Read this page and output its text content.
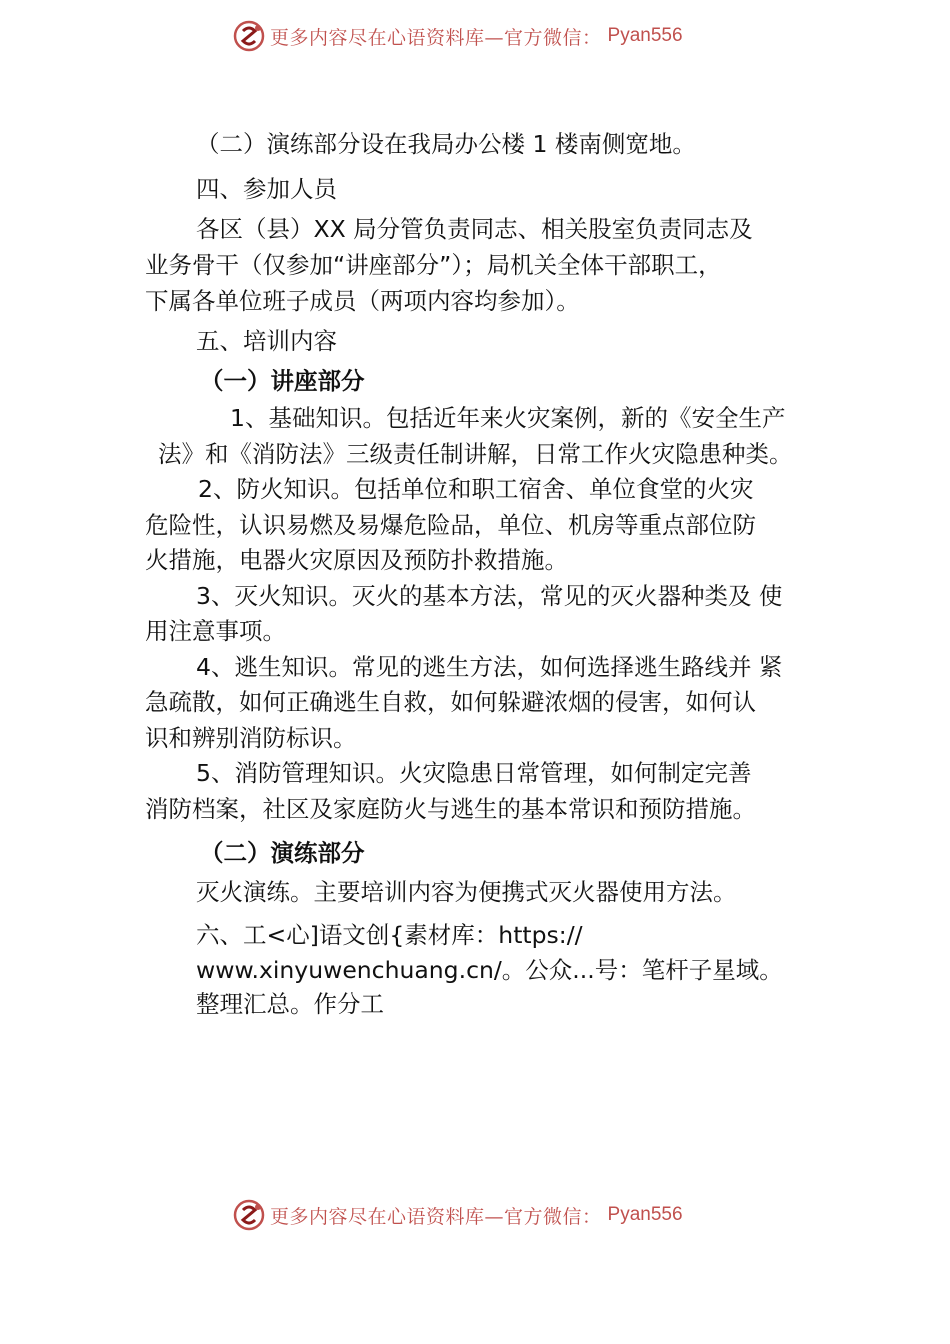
更多内容尽在心语资料库—官方微信： Pyan556
（二）演练部分设在我局办公楼 1 楼南侧宽地。
四、参加人员
各区（县）XX 局分管负责同志、相关股室负责同志及
业务骨干（仅参加“讲座部分”）；局机关全体干部职工，
下属各单位班子成员（两项内容均参加）。
五、培训内容
（一）讲座部分
1、基础知识。包括近年来火灾案例，新的《安全生产
法》和《消防法》三级责任制讲解，日常工作火灾隐患种类。
2、防火知识。包括单位和职工宿舍、单位食堂的火灾
危险性，认识易燃及易爆危险品，单位、机房等重点部位防
火措施，电器火灾原因及预防扑救措施。
3、灭火知识。灭火的基本方法，常见的灭火器种类及 使
用注意事项。
4、逃生知识。常见的逃生方法，如何选择逃生路线并 紧
急疏散，如何正确逃生自救，如何躲避浓烟的侵害，如何认
识和辨别消防标识。
5、消防管理知识。火灾隐患日常管理，如何制定完善
消防档案，社区及家庭防火与逃生的基本常识和预防措施。
（二）演练部分
灭火演练。主要培训内容为便携式灭火器使用方法。
六、工<心]语文创{素材库：https://
www.xinyuwenchuang.cn/。公众...号：笔杆子星域。
整理汇总。作分工
更多内容尽在心语资料库—官方微信： Pyan556
